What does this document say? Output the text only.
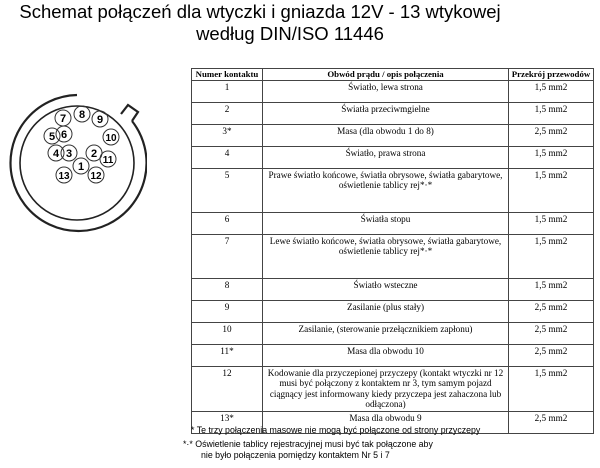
Schemat połączeń dla wtyczki i gniazda 12V - 13 wtykowej
według DIN/ISO 11446
1
2
3
4
5 6
7 8 9
10
11
12
13
Numer kontaktu	Obwód prądu / opis połączenia	Przekrój przewodów
1	Światło, lewa strona	1,5 mm2
2	Światła przeciwmgielne	1,5 mm2
3*	Masa (dla obwodu 1 do 8)	2,5 mm2
4	Światło, prawa strona	1,5 mm2
5	Prawe światło końcowe, światła obrysowe, światła gabarytowe, oświetlenie tablicy rej*·*	1,5 mm2
6	Światła stopu	1,5 mm2
7	Lewe światło końcowe, światła obrysowe, światła gabarytowe, oświetlenie tablicy rej*·*	1,5 mm2
8	Światło wsteczne	1,5 mm2
9	Zasilanie (plus stały)	2,5 mm2
10	Zasilanie, (sterowanie przełącznikiem zapłonu)	2,5 mm2
11*	Masa dla obwodu 10	2,5 mm2
12	Kodowanie dla przyczepionej przyczepy (kontakt wtyczki nr 12 musi być połączony z kontaktem nr 3, tym samym pojazd ciągnący jest informowany kiedy przyczepa jest zahaczona lub odłączona)	1,5 mm2
13*	Masa dla obwodu 9	2,5 mm2
* Te trzy połączenia masowe nie mogą być połączone od strony przyczepy
*·* Oświetlenie tablicy rejestracyjnej musi być tak połączone aby
nie było połączenia pomiędzy kontaktem Nr 5 i 7
